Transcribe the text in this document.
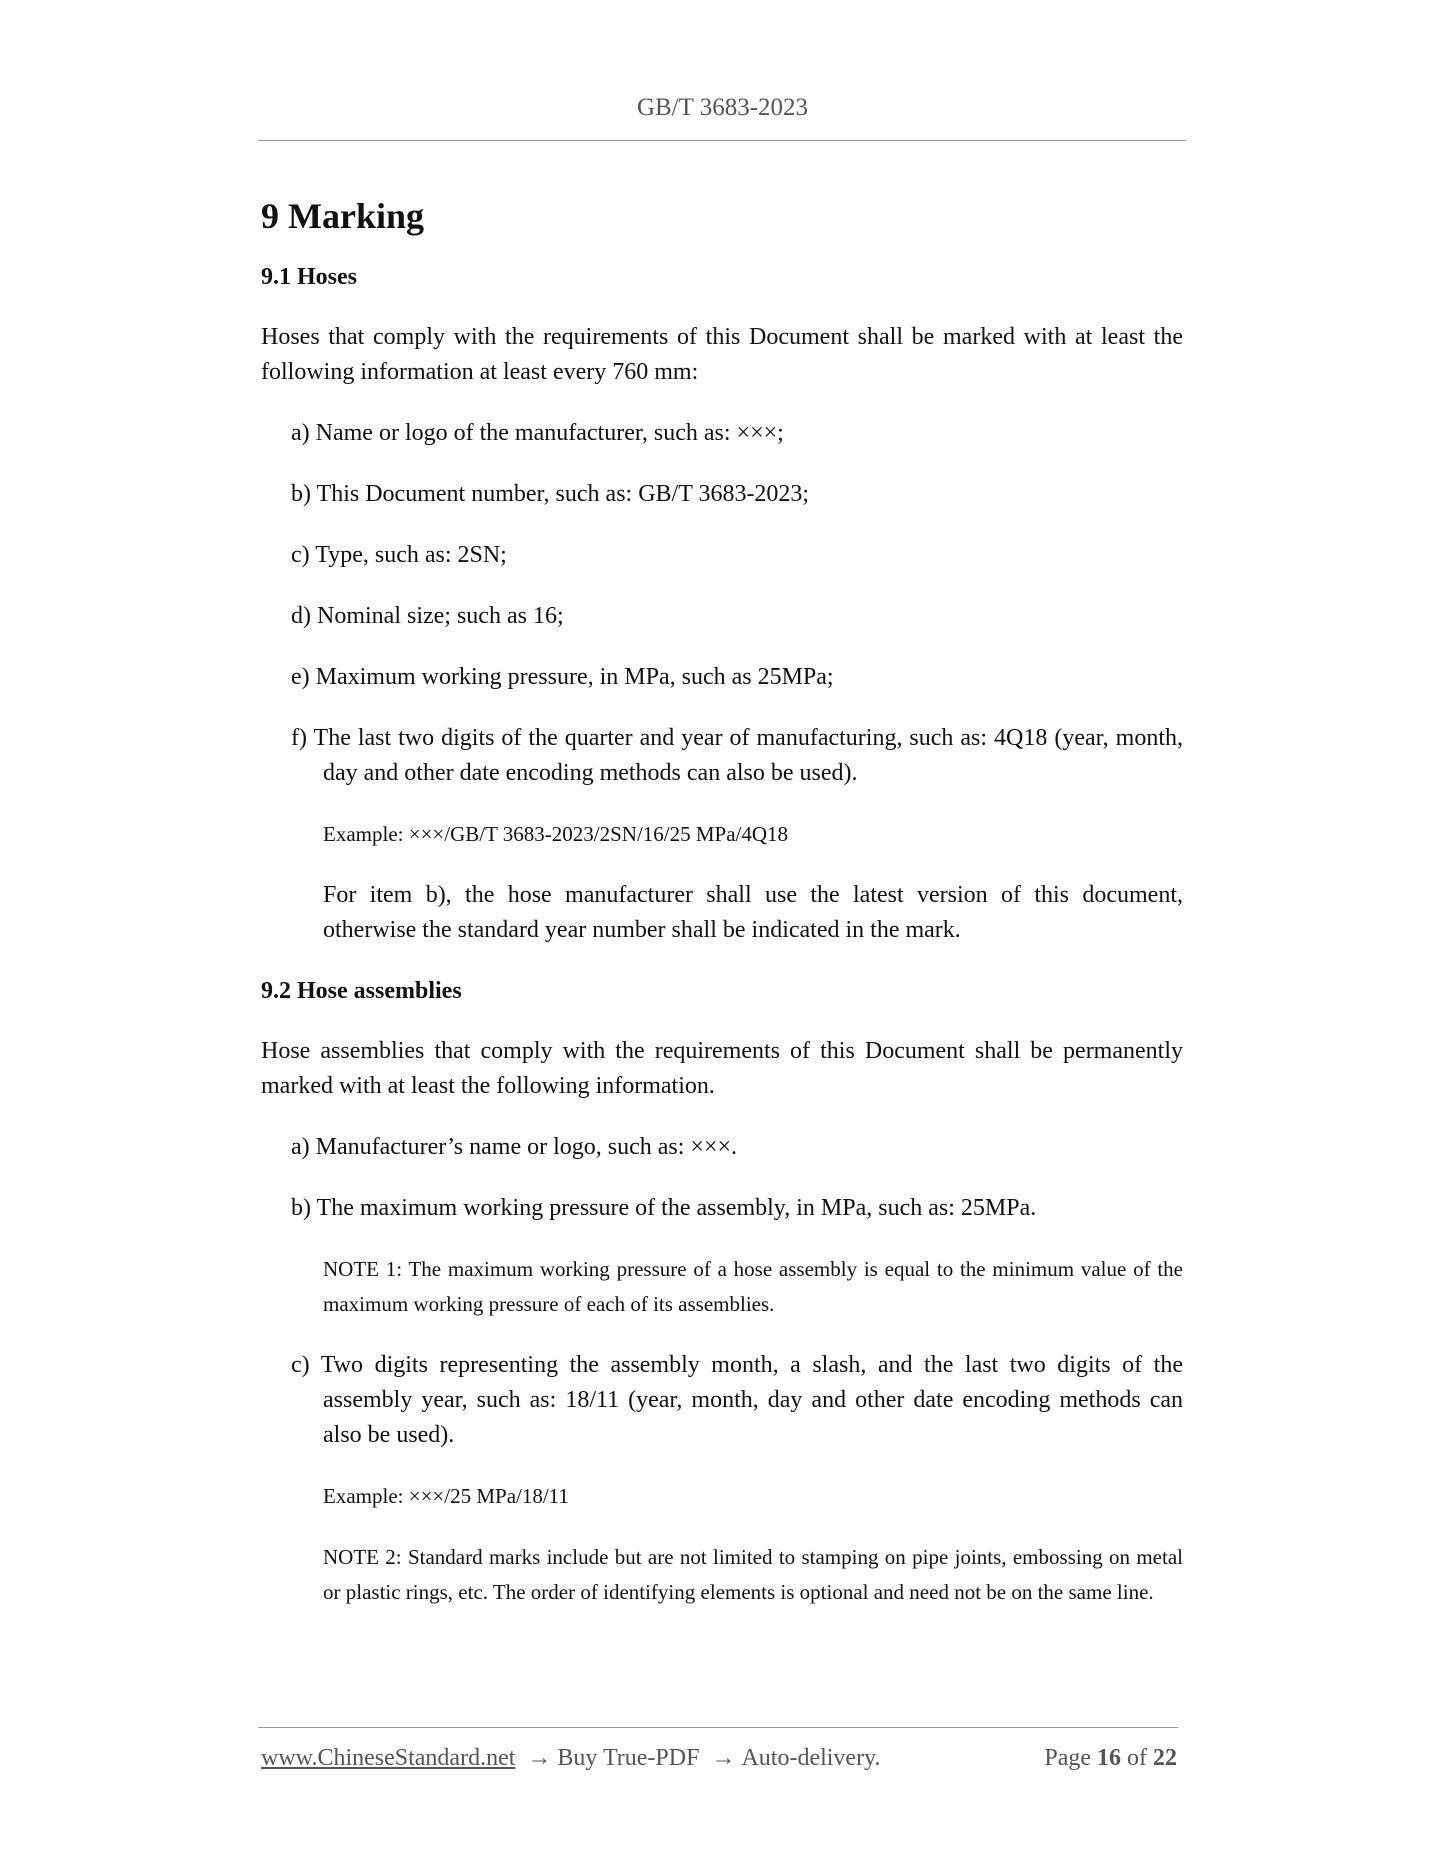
GB/T 3683-2023
9 Marking
9.1 Hoses

Hoses that comply with the requirements of this Document shall be marked with at least the following information at least every 760 mm:

a) Name or logo of the manufacturer, such as: ×××;

b) This Document number, such as: GB/T 3683-2023;

c) Type, such as: 2SN;

d) Nominal size; such as 16;

e) Maximum working pressure, in MPa, such as 25MPa;

f) The last two digits of the quarter and year of manufacturing, such as: 4Q18 (year, month, day and other date encoding methods can also be used).

Example: ×××/GB/T 3683-2023/2SN/16/25 MPa/4Q18

For item b), the hose manufacturer shall use the latest version of this document, otherwise the standard year number shall be indicated in the mark.

9.2 Hose assemblies

Hose assemblies that comply with the requirements of this Document shall be permanently marked with at least the following information.

a) Manufacturer’s name or logo, such as: ×××.

b) The maximum working pressure of the assembly, in MPa, such as: 25MPa.

NOTE 1: The maximum working pressure of a hose assembly is equal to the minimum value of the maximum working pressure of each of its assemblies.

c) Two digits representing the assembly month, a slash, and the last two digits of the assembly year, such as: 18/11 (year, month, day and other date encoding methods can also be used).

Example: ×××/25 MPa/18/11

NOTE 2: Standard marks include but are not limited to stamping on pipe joints, embossing on metal or plastic rings, etc. The order of identifying elements is optional and need not be on the same line.

www.ChineseStandard.net → Buy True-PDF → Auto-delivery.	Page 16 of 22
